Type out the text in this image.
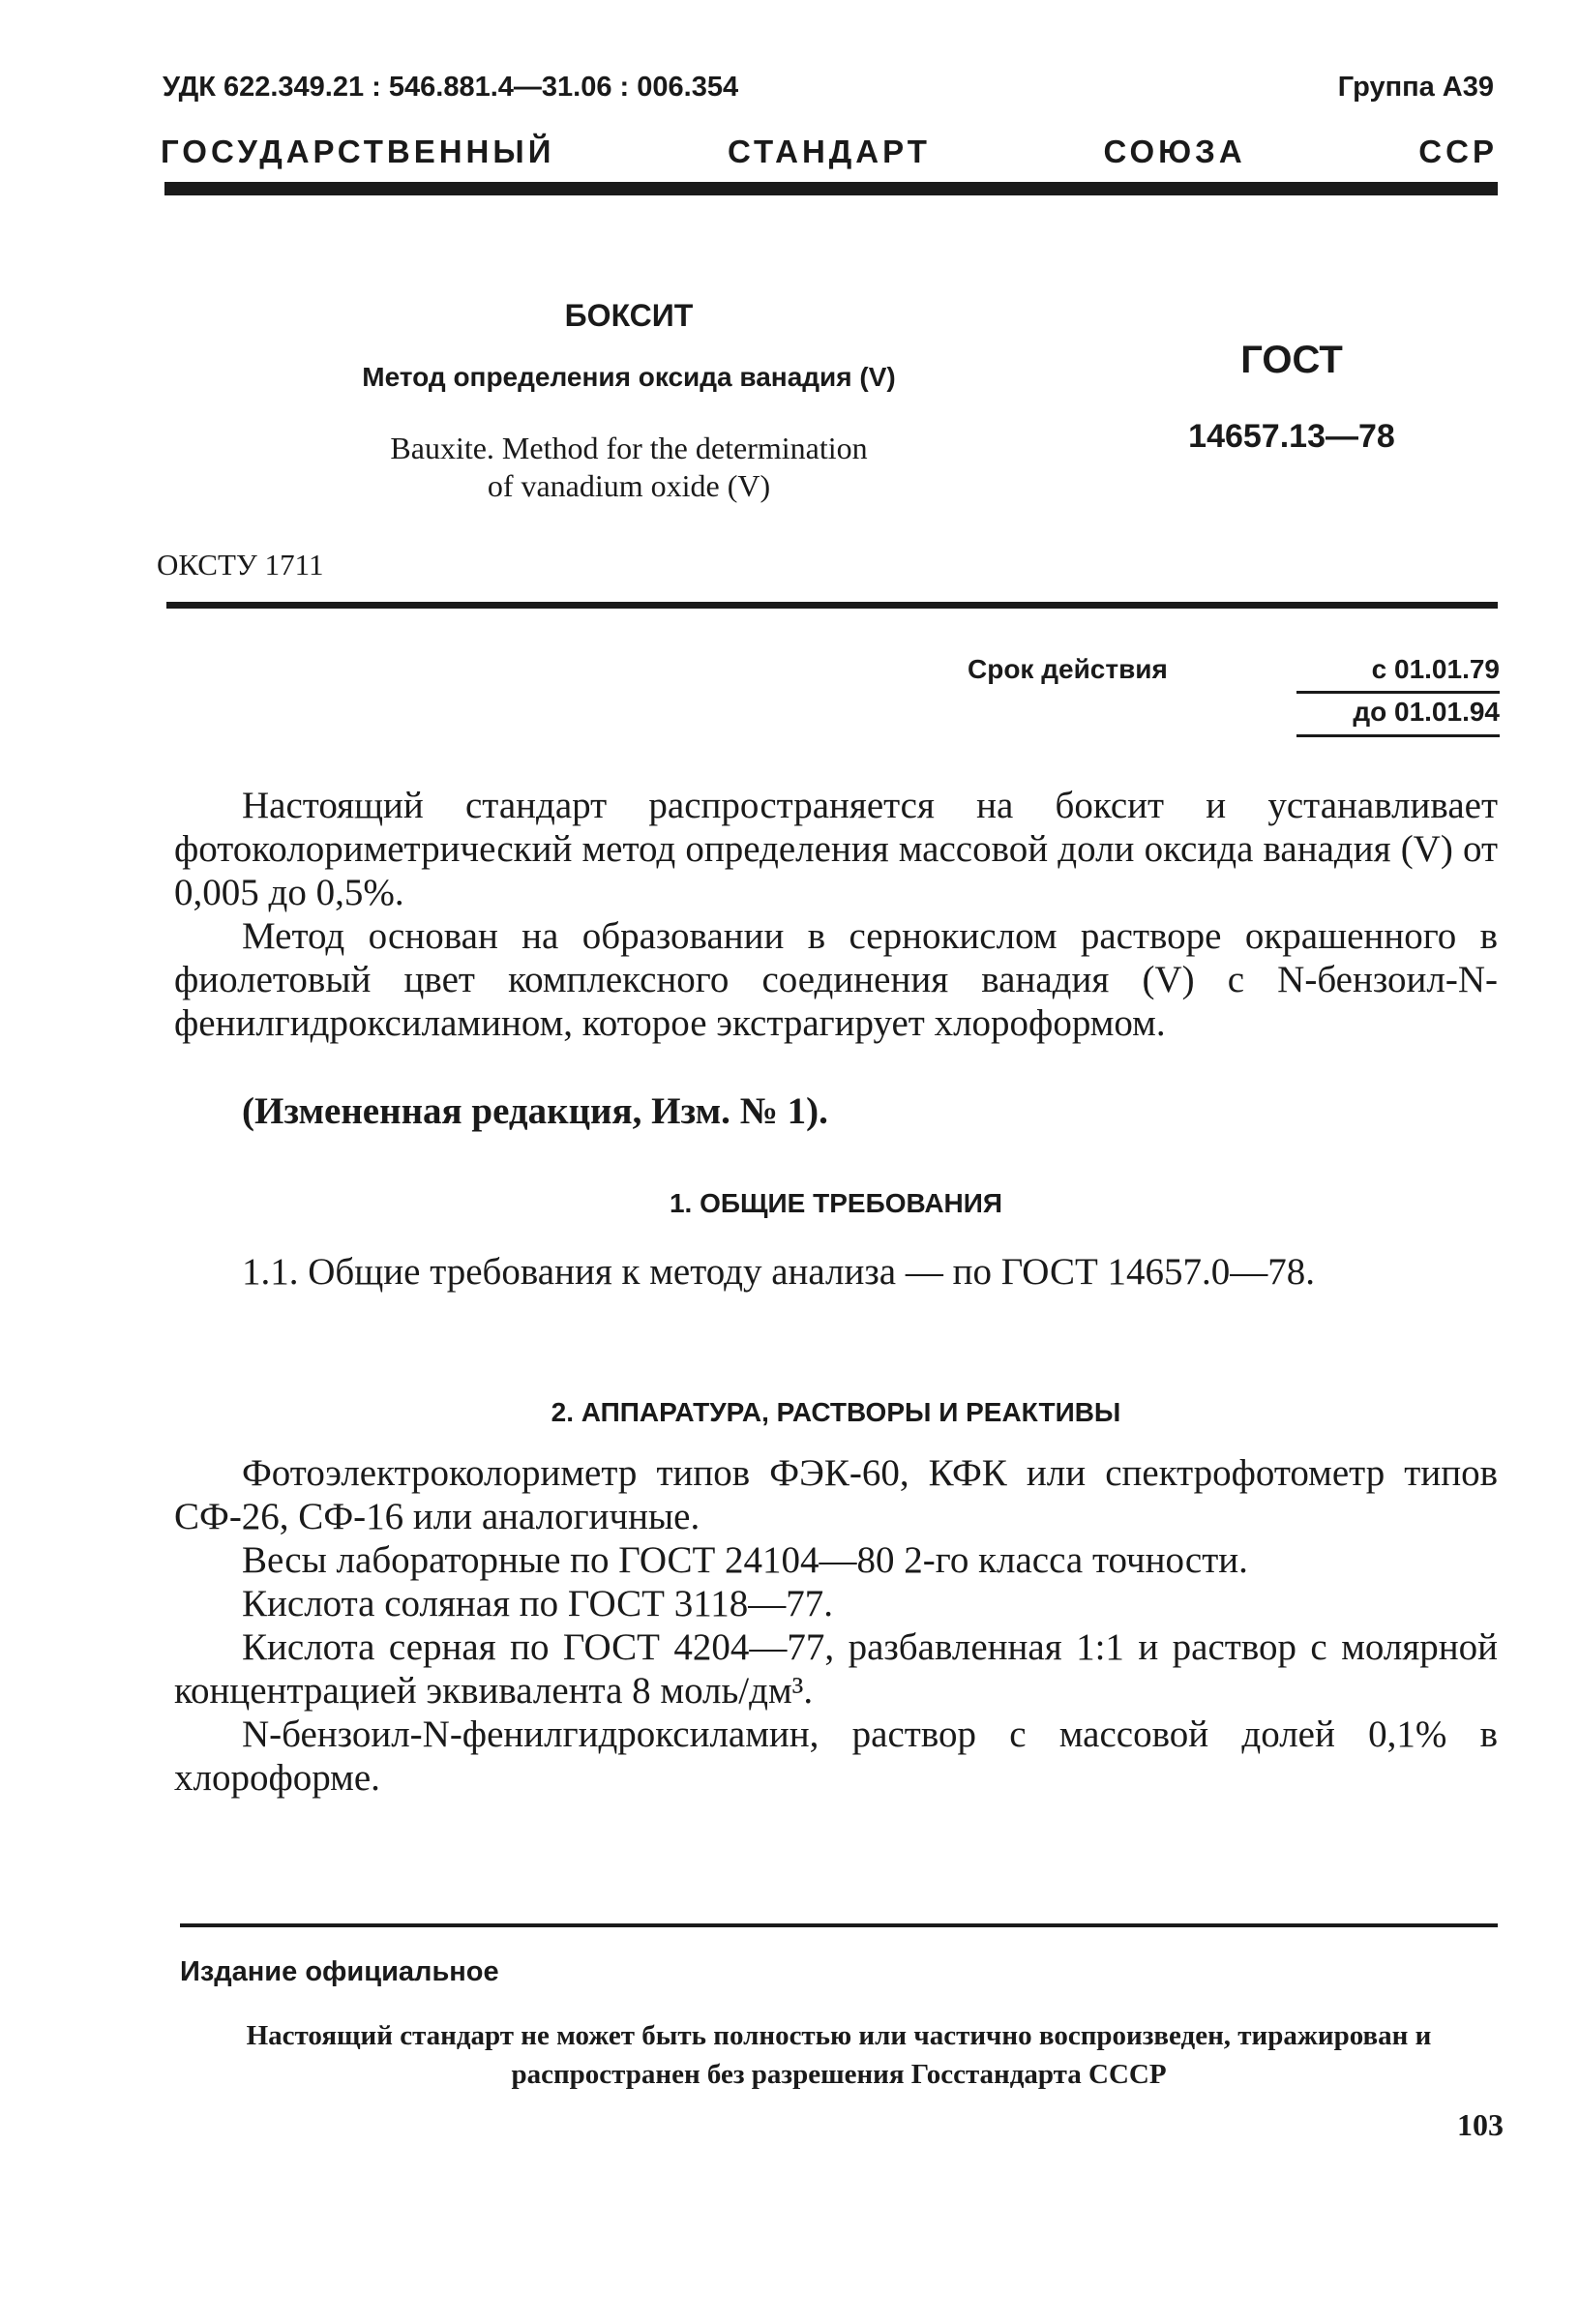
УДК 622.349.21 : 546.881.4—31.06 : 006.354	Группа А39
ГОСУДАРСТВЕННЫЙ	СТАНДАРТ	СОЮЗА	ССР
БОКСИТ
Метод определения оксида ванадия (V)
Bauxite. Method for the determination
of vanadium oxide (V)
ГОСТ
14657.13—78
ОКСТУ 1711
Срок действия	с 01.01.79
до 01.01.94
Настоящий стандарт распространяется на боксит и устанавливает фотоколориметрический метод определения массовой доли оксида ванадия (V) от 0,005 до 0,5%.
Метод основан на образовании в сернокислом растворе окрашенного в фиолетовый цвет комплексного соединения ванадия (V) с N-бензоил-N-фенилгидроксиламином, которое экстрагирует хлороформом.
(Измененная редакция, Изм. № 1).
1. ОБЩИЕ ТРЕБОВАНИЯ
1.1. Общие требования к методу анализа — по ГОСТ 14657.0—78.
2. АППАРАТУРА, РАСТВОРЫ И РЕАКТИВЫ
Фотоэлектроколориметр типов ФЭК-60, КФК или спектрофотометр типов СФ-26, СФ-16 или аналогичные.
Весы лабораторные по ГОСТ 24104—80 2-го класса точности.
Кислота соляная по ГОСТ 3118—77.
Кислота серная по ГОСТ 4204—77, разбавленная 1:1 и раствор с молярной концентрацией эквивалента 8 моль/дм³.
N-бензоил-N-фенилгидроксиламин, раствор с массовой долей 0,1% в хлороформе.
Издание официальное
Настоящий стандарт не может быть полностью или частично воспроизведен, тиражирован и распространен без разрешения Госстандарта СССР
103
